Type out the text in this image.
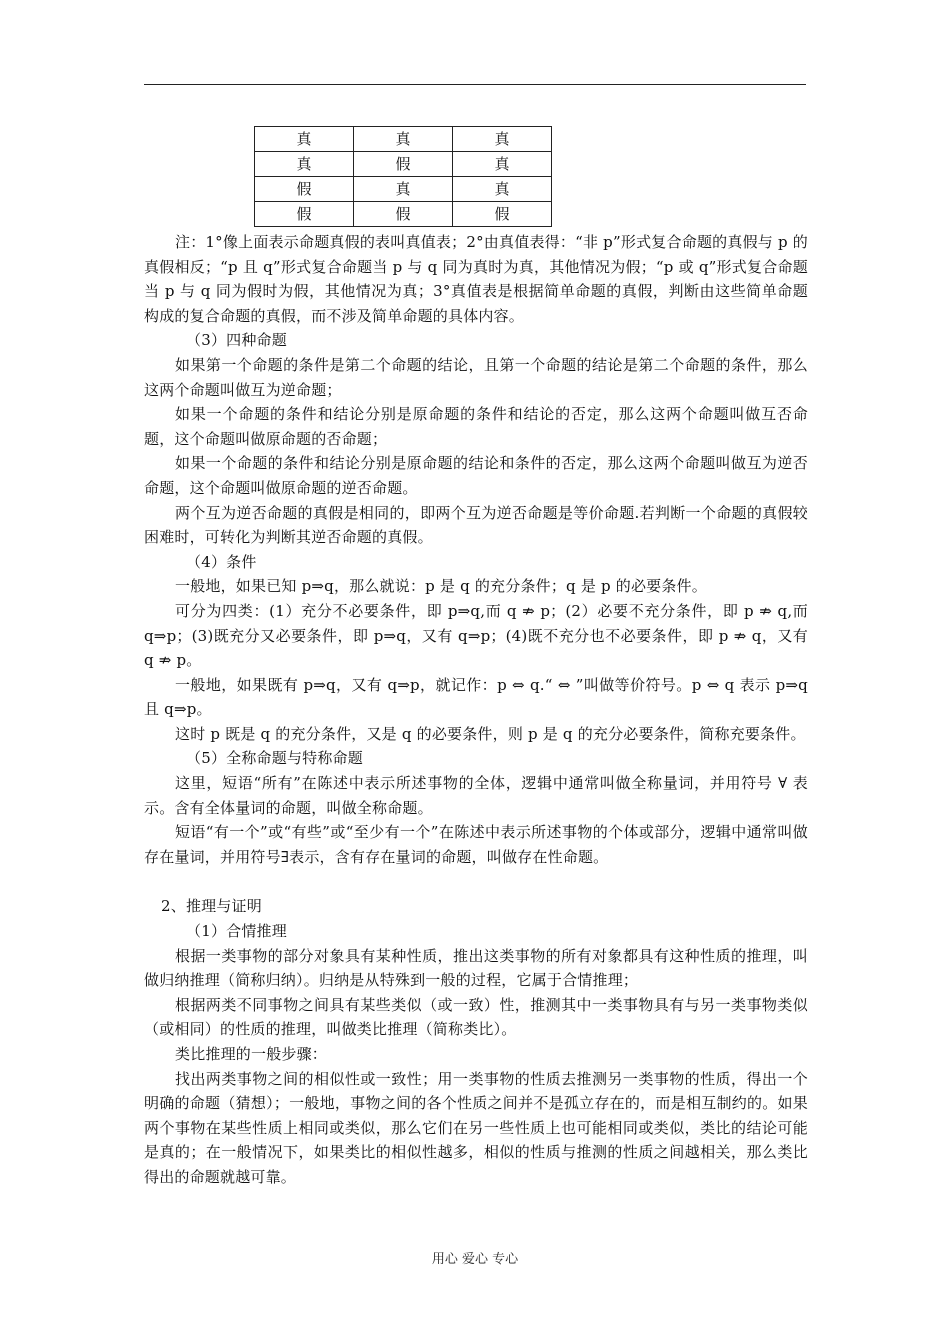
真	真	真
真	假	真
假	真	真
假	假	假

注：1°像上面表示命题真假的表叫真值表；2°由真值表得：“非 p”形式复合命题的真假与 p 的真假相反；“p 且 q”形式复合命题当 p 与 q 同为真时为真，其他情况为假；“p 或 q”形式复合命题当 p 与 q 同为假时为假，其他情况为真；3°真值表是根据简单命题的真假，判断由这些简单命题构成的复合命题的真假，而不涉及简单命题的具体内容。

（3）四种命题

如果第一个命题的条件是第二个命题的结论，且第一个命题的结论是第二个命题的条件，那么这两个命题叫做互为逆命题；

如果一个命题的条件和结论分别是原命题的条件和结论的否定，那么这两个命题叫做互否命题，这个命题叫做原命题的否命题；

如果一个命题的条件和结论分别是原命题的结论和条件的否定，那么这两个命题叫做互为逆否命题，这个命题叫做原命题的逆否命题。

两个互为逆否命题的真假是相同的，即两个互为逆否命题是等价命题.若判断一个命题的真假较困难时，可转化为判断其逆否命题的真假。

（4）条件

一般地，如果已知 p⇒q，那么就说：p 是 q 的充分条件；q 是 p 的必要条件。

可分为四类：(1）充分不必要条件，即 p⇒q,而 q ⇏ p；(2）必要不充分条件，即 p ⇏ q,而 q⇒p；(3)既充分又必要条件，即 p⇒q，又有 q⇒p；(4)既不充分也不必要条件，即 p ⇏ q，又有 q ⇏ p。

一般地，如果既有 p⇒q，又有 q⇒p，就记作：p ⇔ q.“ ⇔ ”叫做等价符号。p ⇔ q 表示 p⇒q 且 q⇒p。

这时 p 既是 q 的充分条件，又是 q 的必要条件，则 p 是 q 的充分必要条件，简称充要条件。

（5）全称命题与特称命题

这里，短语“所有”在陈述中表示所述事物的全体，逻辑中通常叫做全称量词，并用符号 ∀ 表示。含有全体量词的命题，叫做全称命题。

短语“有一个”或“有些”或“至少有一个”在陈述中表示所述事物的个体或部分，逻辑中通常叫做存在量词，并用符号∃表示，含有存在量词的命题，叫做存在性命题。

2、推理与证明

（1）合情推理

根据一类事物的部分对象具有某种性质，推出这类事物的所有对象都具有这种性质的推理，叫做归纳推理（简称归纳）。归纳是从特殊到一般的过程，它属于合情推理；

根据两类不同事物之间具有某些类似（或一致）性，推测其中一类事物具有与另一类事物类似（或相同）的性质的推理，叫做类比推理（简称类比）。

类比推理的一般步骤：

找出两类事物之间的相似性或一致性；用一类事物的性质去推测另一类事物的性质，得出一个明确的命题（猜想）；一般地，事物之间的各个性质之间并不是孤立存在的，而是相互制约的。如果两个事物在某些性质上相同或类似，那么它们在另一些性质上也可能相同或类似，类比的结论可能是真的；在一般情况下，如果类比的相似性越多，相似的性质与推测的性质之间越相关，那么类比得出的命题就越可靠。

用心 爱心 专心
